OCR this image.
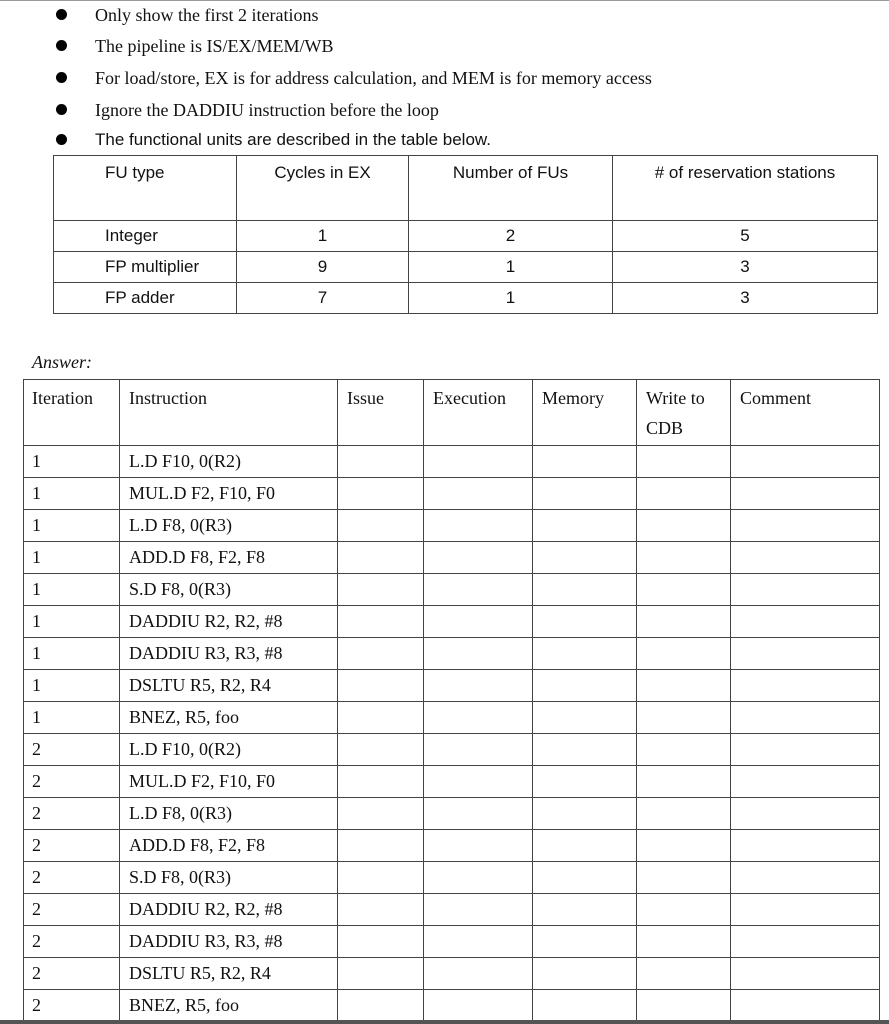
Only show the first 2 iterations
The pipeline is IS/EX/MEM/WB
For load/store, EX is for address calculation, and MEM is for memory access
Ignore the DADDIU instruction before the loop
The functional units are described in the table below.
FU type	Cycles in EX	Number of FUs	# of reservation stations
Integer	1	2	5
FP multiplier	9	1	3
FP adder	7	1	3
Answer:
Iteration	Instruction	Issue	Execution	Memory	Write to CDB	Comment
1	L.D F10, 0(R2)					
1	MUL.D F2, F10, F0					
1	L.D F8, 0(R3)					
1	ADD.D F8, F2, F8					
1	S.D F8, 0(R3)					
1	DADDIU R2, R2, #8					
1	DADDIU R3, R3, #8					
1	DSLTU R5, R2, R4					
1	BNEZ, R5, foo					
2	L.D F10, 0(R2)					
2	MUL.D F2, F10, F0					
2	L.D F8, 0(R3)					
2	ADD.D F8, F2, F8					
2	S.D F8, 0(R3)					
2	DADDIU R2, R2, #8					
2	DADDIU R3, R3, #8					
2	DSLTU R5, R2, R4					
2	BNEZ, R5, foo					
